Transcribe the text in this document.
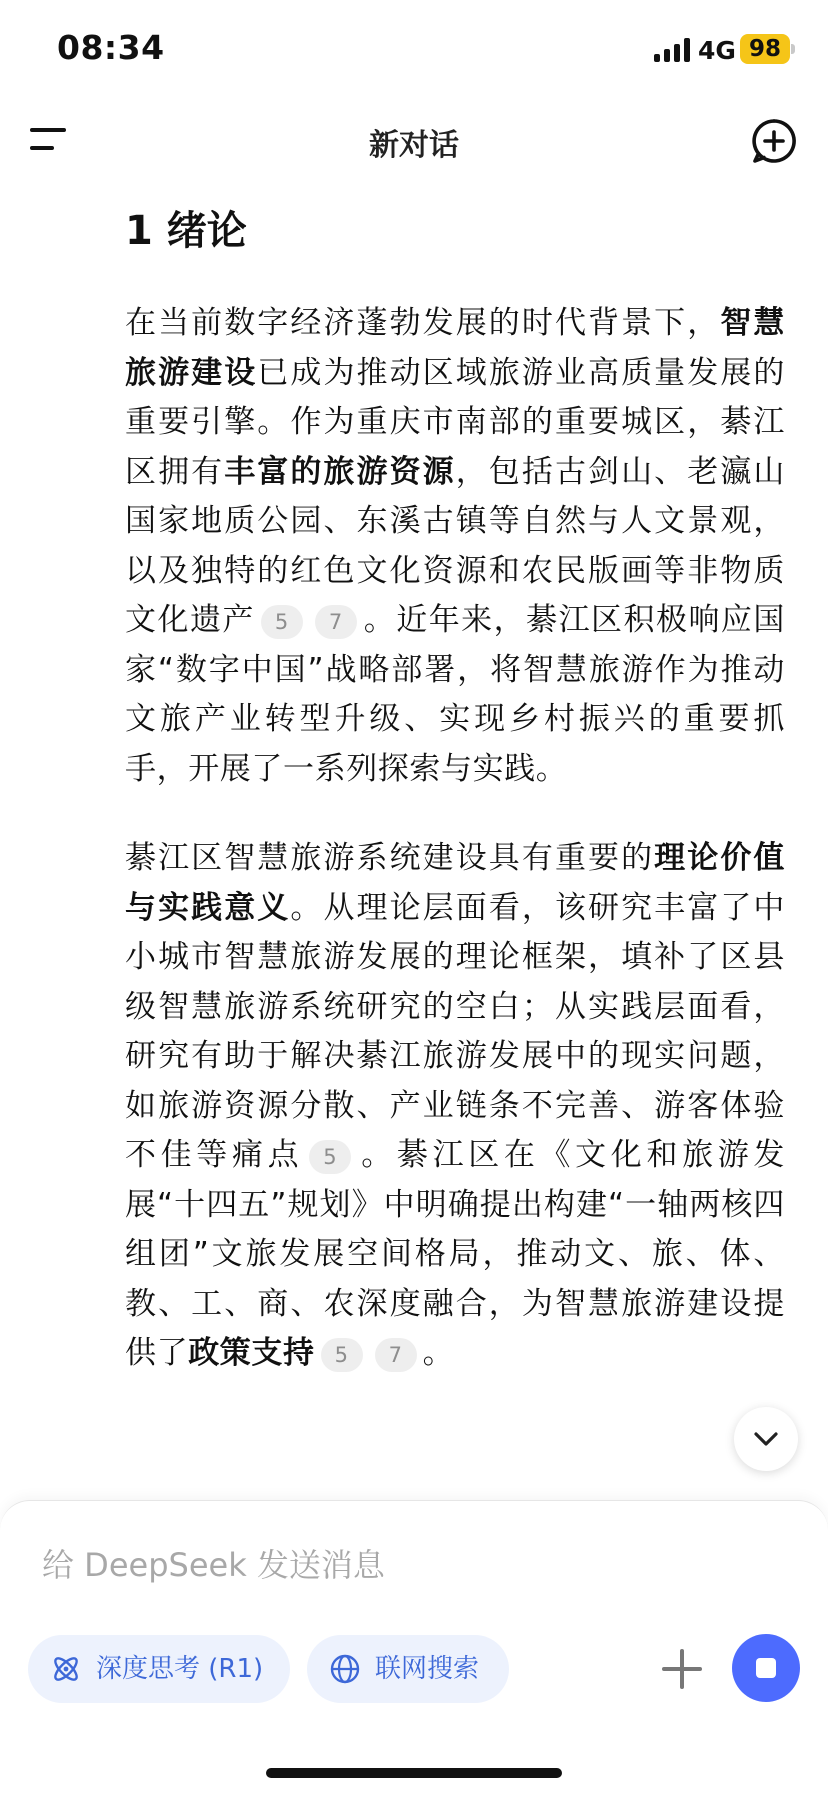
08:34	4G 98
新对话
1 绪论

在当前数字经济蓬勃发展的时代背景下，智慧旅游建设已成为推动区域旅游业高质量发展的重要引擎。作为重庆市南部的重要城区，綦江区拥有丰富的旅游资源，包括古剑山、老瀛山国家地质公园、东溪古镇等自然与人文景观，以及独特的红色文化资源和农民版画等非物质文化遗产 5 7 。近年来，綦江区积极响应国家“数字中国”战略部署，将智慧旅游作为推动文旅产业转型升级、实现乡村振兴的重要抓手，开展了一系列探索与实践。

綦江区智慧旅游系统建设具有重要的理论价值与实践意义。从理论层面看，该研究丰富了中小城市智慧旅游发展的理论框架，填补了区县级智慧旅游系统研究的空白；从实践层面看，研究有助于解决綦江旅游发展中的现实问题，如旅游资源分散、产业链条不完善、游客体验不佳等痛点 5 。綦江区在《文化和旅游发展“十四五”规划》中明确提出构建“一轴两核四组团”文旅发展空间格局，推动文、旅、体、教、工、商、农深度融合，为智慧旅游建设提供了政策支持 5 7 。

给 DeepSeek 发送消息
深度思考 (R1)	联网搜索
